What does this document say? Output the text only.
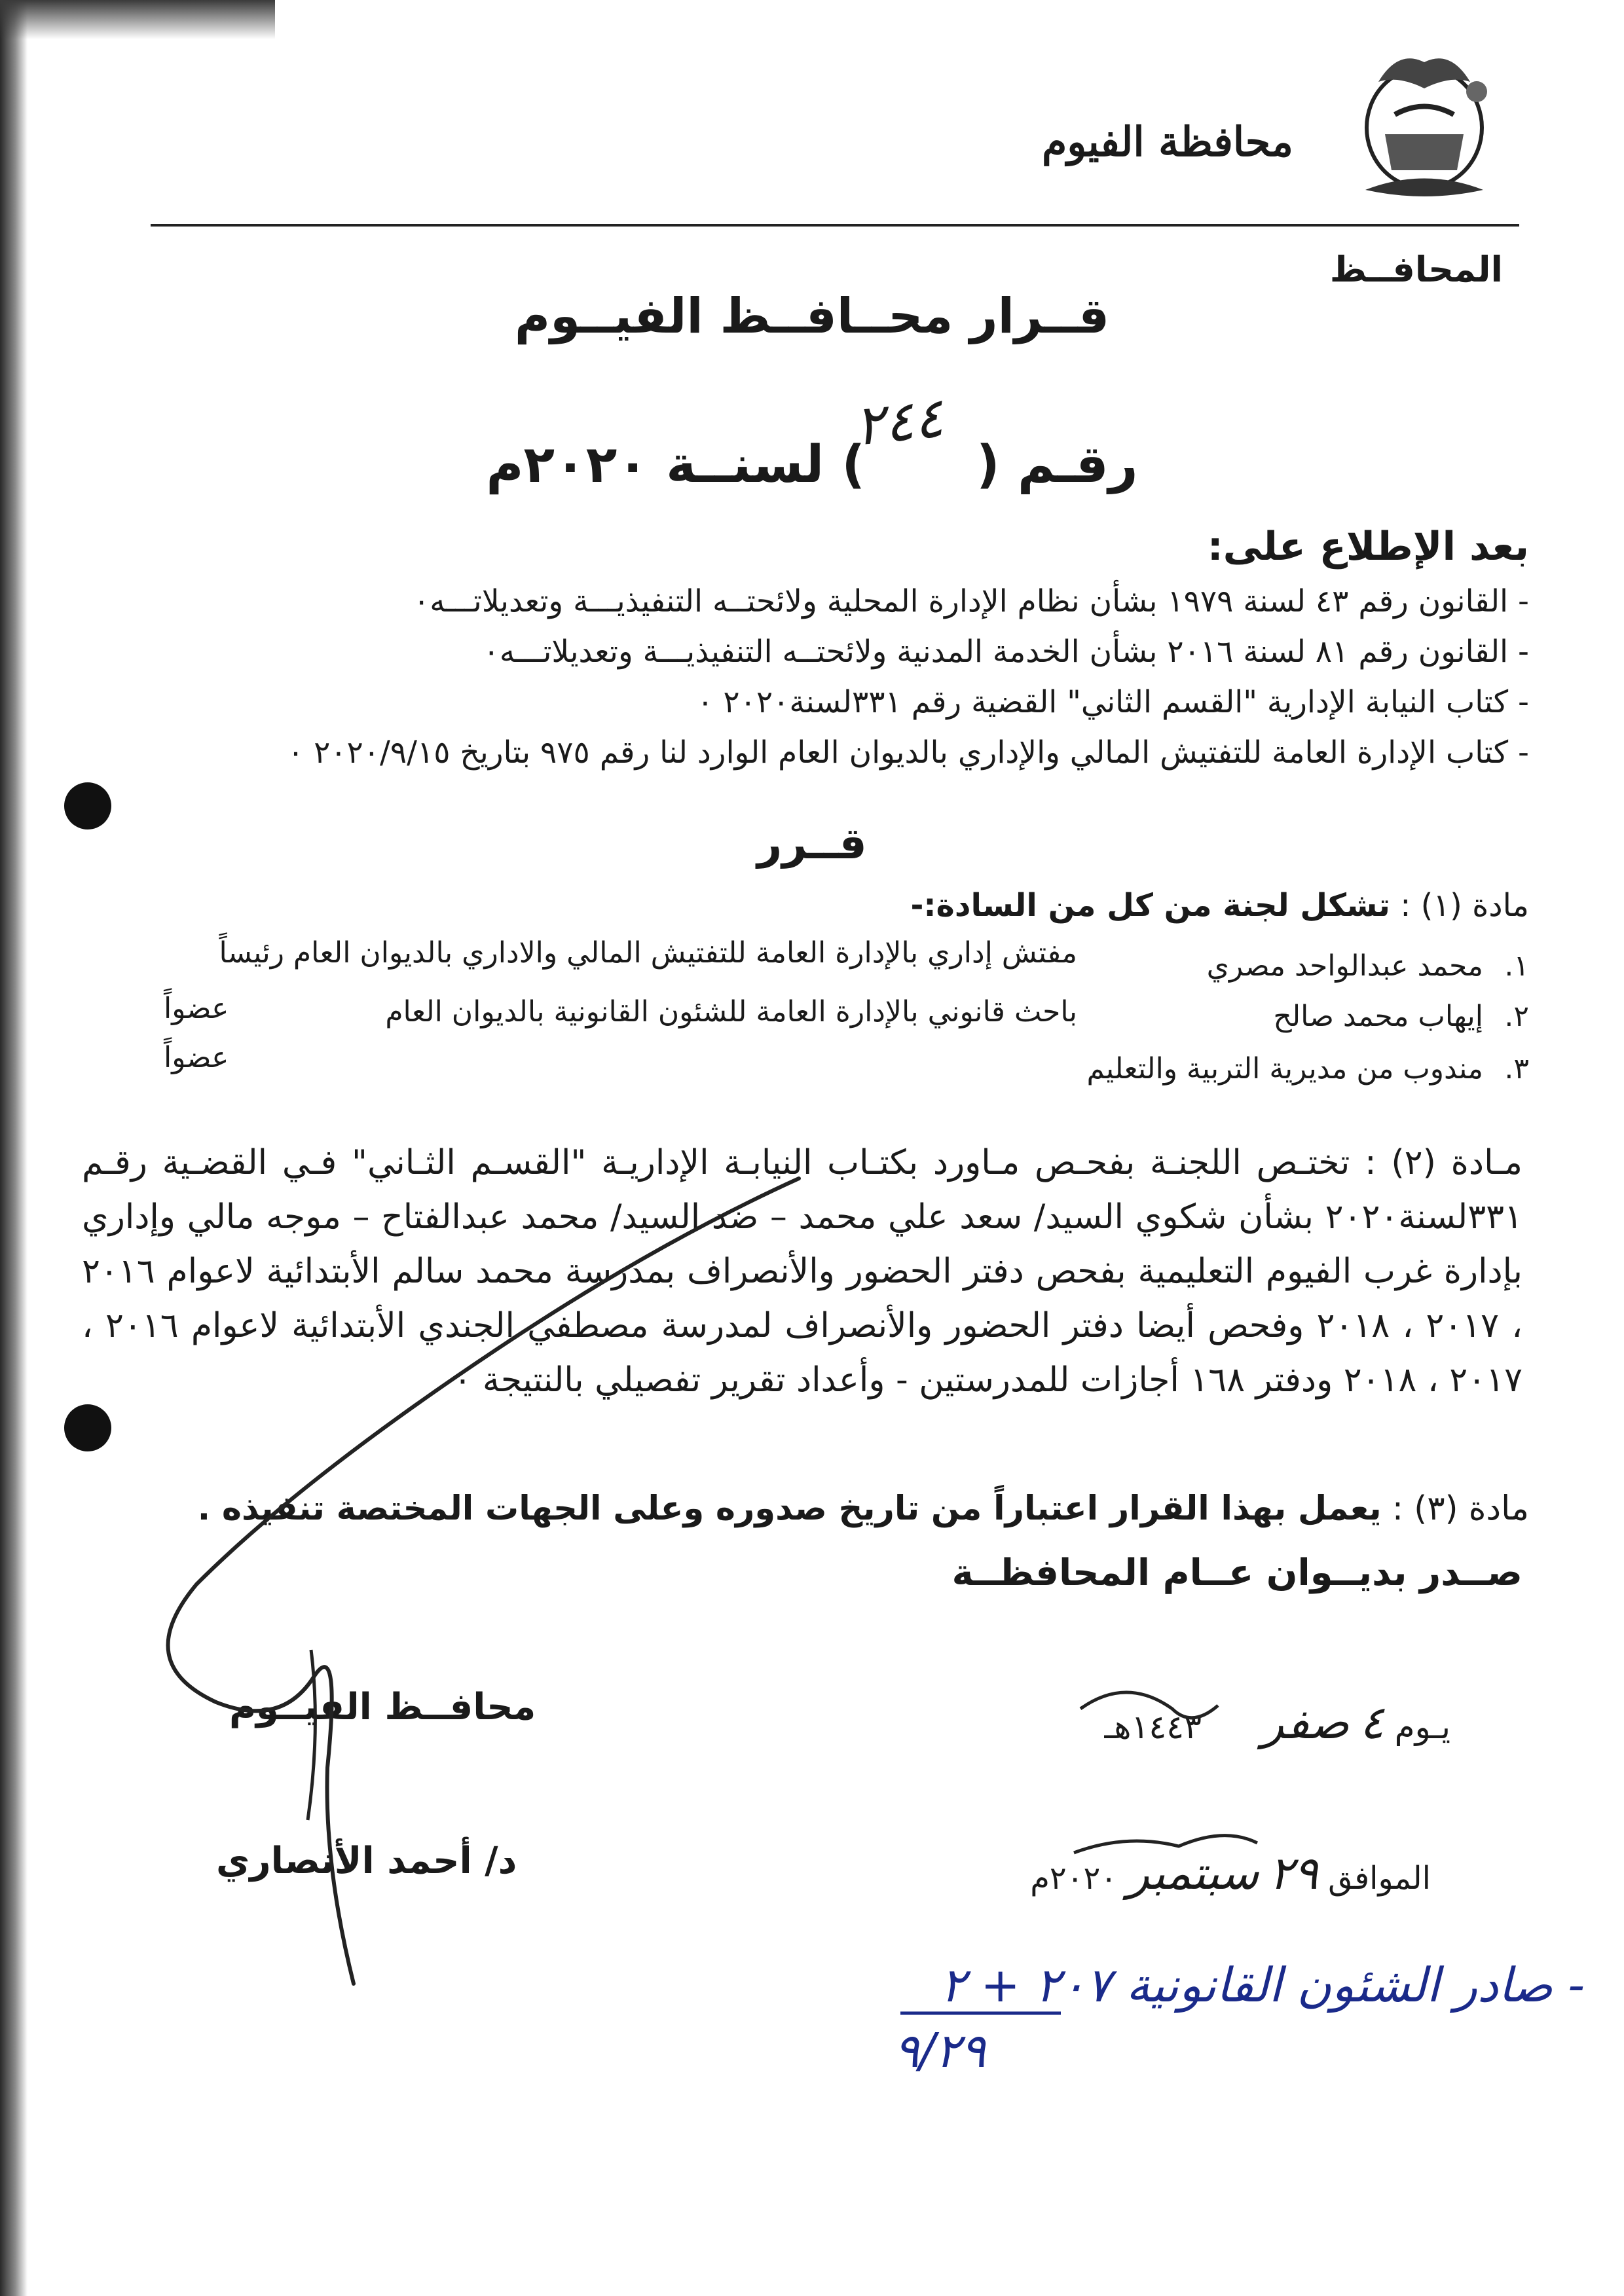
محافظة الفيوم
المحافــظ
قــرار محــافــظ الفيــوم
٢٤٤
رقـم () لسنــة ٢٠٢٠م
بعد الإطلاع على:
- القانون رقم ٤٣ لسنة ١٩٧٩ بشأن نظام الإدارة المحلية ولائحتــه التنفيذيـــة وتعديلاتـــه٠
- القانون رقم ٨١ لسنة ٢٠١٦ بشأن الخدمة المدنية ولائحتــه التنفيذيـــة وتعديلاتـــه٠
- كتاب النيابة الإدارية "القسم الثاني" القضية رقم ٣٣١لسنة٢٠٢٠ ٠
- كتاب الإدارة العامة للتفتيش المالي والإداري بالديوان العام الوارد لنا رقم ٩٧٥ بتاريخ ٢٠٢٠/٩/١٥ ٠
قــرر
مادة (١) : تشكل لجنة من كل من السادة:-
١.
محمد عبدالواحد مصري
مفتش إداري بالإدارة العامة للتفتيش المالي والاداري بالديوان العام رئيساً
٢.
إيهاب محمد صالح
باحث قانوني بالإدارة العامة للشئون القانونية بالديوان العام
عضواً
٣.
مندوب من مديرية التربية والتعليم
عضواً
مـادة (٢) : تختـص اللجنـة بفحـص مـاورد بكتـاب النيابـة الإداريـة "القسـم الثـاني" فـي القضـية رقـم ٣٣١لسنة٢٠٢٠ بشأن شكوي السيد/ سعد علي محمد – ضد السيد/ محمد عبدالفتاح – موجه مالي وإداري بإدارة غرب الفيوم التعليمية بفحص دفتر الحضور والأنصراف بمدرسة محمد سالم الأبتدائية لاعوام ٢٠١٦ ، ٢٠١٧ ، ٢٠١٨ وفحص أيضا دفتر الحضور والأنصراف لمدرسة مصطفي الجندي الأبتدائية لاعوام ٢٠١٦ ، ٢٠١٧ ، ٢٠١٨ ودفتر ١٦٨ أجازات للمدرستين - وأعداد تقرير تفصيلي بالنتيجة ٠
مادة (٣) : يعمل بهذا القرار اعتباراً من تاريخ صدوره وعلى الجهات المختصة تنفيذه .
صــدر بديــوان عــام المحافظــة
يـوم ٤ صفر  ١٤٤٣هـ
الموافق ٢٩ سبتمبر ٢٠٢٠م
محافــظ الفيــوم
د/ أحمد الأنصاري
- صادر الشئون القانونية ٢٠٧ + ٢
٩/٢٩
